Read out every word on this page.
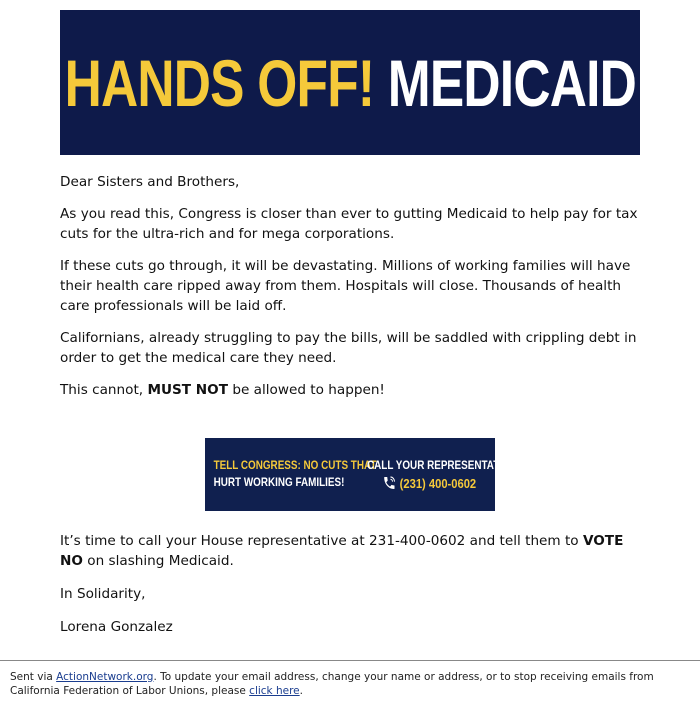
HANDS OFF! MEDICAID

Dear Sisters and Brothers,

As you read this, Congress is closer than ever to gutting Medicaid to help pay for tax cuts for the ultra-rich and for mega corporations.

If these cuts go through, it will be devastating. Millions of working families will have their health care ripped away from them. Hospitals will close. Thousands of health care professionals will be laid off.

Californians, already struggling to pay the bills, will be saddled with crippling debt in order to get the medical care they need.

This cannot, MUST NOT be allowed to happen!

TELL CONGRESS: NO CUTS THAT
HURT WORKING FAMILIES!
CALL YOUR REPRESENTATIVE:
(231) 400-0602

It’s time to call your House representative at 231-400-0602 and tell them to VOTE NO on slashing Medicaid.

In Solidarity,

Lorena Gonzalez

Sent via ActionNetwork.org. To update your email address, change your name or address, or to stop receiving emails from California Federation of Labor Unions, please click here.
